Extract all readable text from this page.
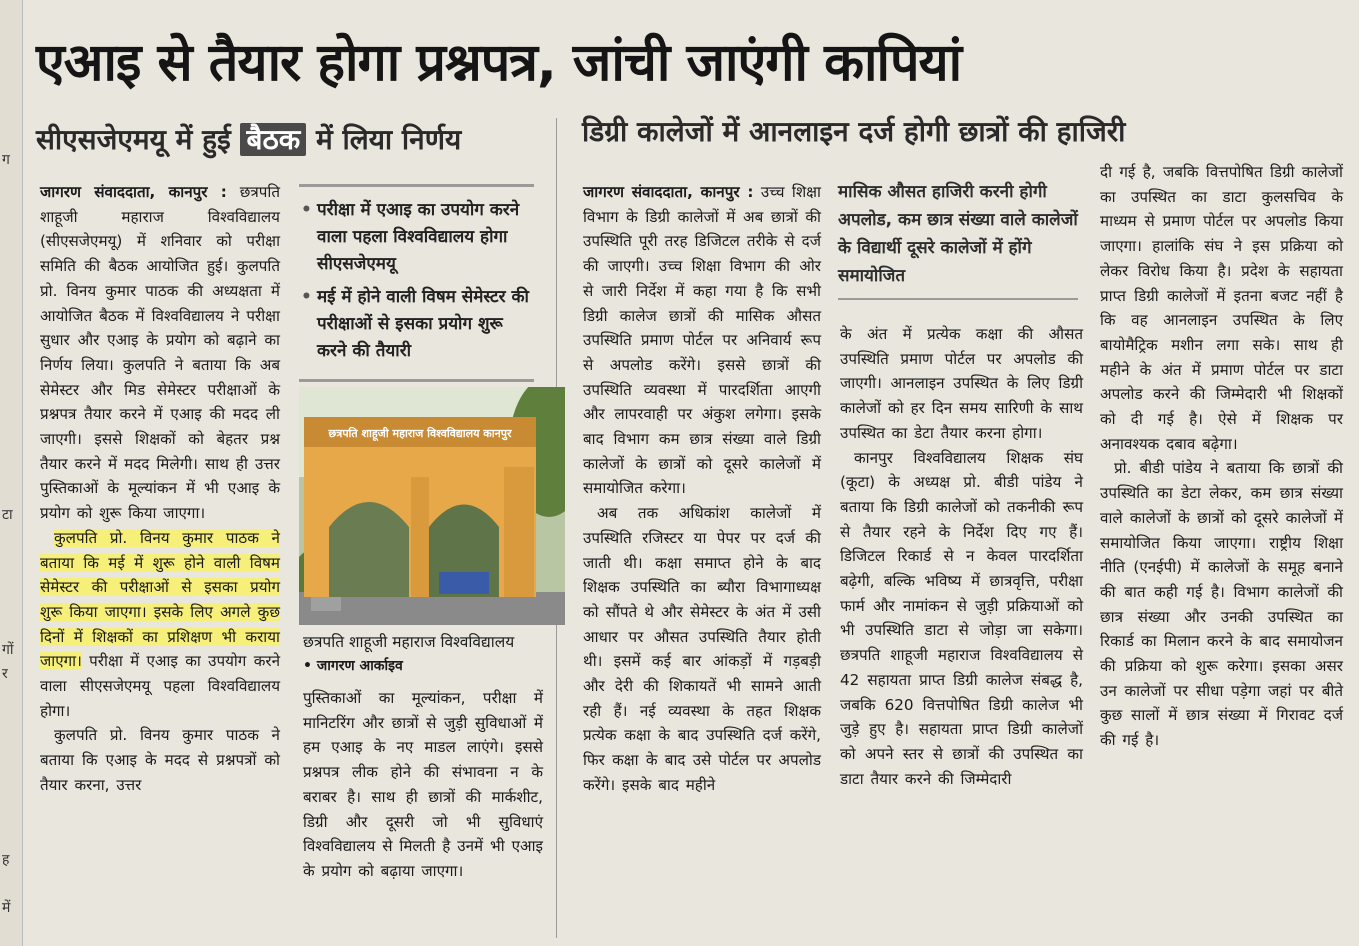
ग
टा
गों
र
ह
में
एआइ से तैयार होगा प्रश्नपत्र, जांची जाएंगी कापियां
सीएसजेएमयू में हुई बैठक में लिया निर्णय	डिग्री कालेजों में आनलाइन दर्ज होगी छात्रों की हाजिरी

जागरण संवाददाता, कानपुर : छत्रपति शाहूजी महाराज विश्वविद्यालय (सीएसजेएमयू) में शनिवार को परीक्षा समिति की बैठक आयोजित हुई। कुलपति प्रो. विनय कुमार पाठक की अध्यक्षता में आयोजित बैठक में विश्वविद्यालय ने परीक्षा सुधार और एआइ के प्रयोग को बढ़ाने का निर्णय लिया। कुलपति ने बताया कि अब सेमेस्टर और मिड सेमेस्टर परीक्षाओं के प्रश्नपत्र तैयार करने में एआइ की मदद ली जाएगी। इससे शिक्षकों को बेहतर प्रश्न तैयार करने में मदद मिलेगी। साथ ही उत्तर पुस्तिकाओं के मूल्यांकन में भी एआइ के प्रयोग को शुरू किया जाएगा।

कुलपति प्रो. विनय कुमार पाठक ने बताया कि मई में शुरू होने वाली विषम सेमेस्टर की परीक्षाओं से इसका प्रयोग शुरू किया जाएगा। इसके लिए अगले कुछ दिनों में शिक्षकों का प्रशिक्षण भी कराया जाएगा। परीक्षा में एआइ का उपयोग करने वाला सीएसजेएमयू पहला विश्वविद्यालय होगा।

कुलपति प्रो. विनय कुमार पाठक ने बताया कि एआइ के मदद से प्रश्नपत्रों को तैयार करना, उत्तर

• परीक्षा में एआइ का उपयोग करने वाला पहला विश्वविद्यालय होगा सीएसजेएमयू
• मई में होने वाली विषम सेमेस्टर की परीक्षाओं से इसका प्रयोग शुरू करने की तैयारी
छत्रपति शाहूजी महाराज विश्वविद्यालय कानपुर
छत्रपति शाहूजी महाराज विश्वविद्यालय
• जागरण आर्काइव

पुस्तिकाओं का मूल्यांकन, परीक्षा में मानिटरिंग और छात्रों से जुड़ी सुविधाओं में हम एआइ के नए माडल लाएंगे। इससे प्रश्नपत्र लीक होने की संभावना न के बराबर है। साथ ही छात्रों की मार्कशीट, डिग्री और दूसरी जो भी सुविधाएं विश्वविद्यालय से मिलती है उनमें भी एआइ के प्रयोग को बढ़ाया जाएगा।

जागरण संवाददाता, कानपुर : उच्च शिक्षा विभाग के डिग्री कालेजों में अब छात्रों की उपस्थिति पूरी तरह डिजिटल तरीके से दर्ज की जाएगी। उच्च शिक्षा विभाग की ओर से जारी निर्देश में कहा गया है कि सभी डिग्री कालेज छात्रों की मासिक औसत उपस्थिति प्रमाण पोर्टल पर अनिवार्य रूप से अपलोड करेंगे। इससे छात्रों की उपस्थिति व्यवस्था में पारदर्शिता आएगी और लापरवाही पर अंकुश लगेगा। इसके बाद विभाग कम छात्र संख्या वाले डिग्री कालेजों के छात्रों को दूसरे कालेजों में समायोजित करेगा।

अब तक अधिकांश कालेजों में उपस्थिति रजिस्टर या पेपर पर दर्ज की जाती थी। कक्षा समाप्त होने के बाद शिक्षक उपस्थिति का ब्यौरा विभागाध्यक्ष को सौंपते थे और सेमेस्टर के अंत में उसी आधार पर औसत उपस्थिति तैयार होती थी। इसमें कई बार आंकड़ों में गड़बड़ी और देरी की शिकायतें भी सामने आती रही हैं। नई व्यवस्था के तहत शिक्षक प्रत्येक कक्षा के बाद उपस्थिति दर्ज करेंगे, फिर कक्षा के बाद उसे पोर्टल पर अपलोड करेंगे। इसके बाद महीने

मासिक औसत हाजिरी करनी होगी अपलोड, कम छात्र संख्या वाले कालेजों के विद्यार्थी दूसरे कालेजों में होंगे समायोजित

के अंत में प्रत्येक कक्षा की औसत उपस्थिति प्रमाण पोर्टल पर अपलोड की जाएगी। आनलाइन उपस्थित के लिए डिग्री कालेजों को हर दिन समय सारिणी के साथ उपस्थित का डेटा तैयार करना होगा।

कानपुर विश्वविद्यालय शिक्षक संघ (कूटा) के अध्यक्ष प्रो. बीडी पांडेय ने बताया कि डिग्री कालेजों को तकनीकी रूप से तैयार रहने के निर्देश दिए गए हैं। डिजिटल रिकार्ड से न केवल पारदर्शिता बढ़ेगी, बल्कि भविष्य में छात्रवृत्ति, परीक्षा फार्म और नामांकन से जुड़ी प्रक्रियाओं को भी उपस्थिति डाटा से जोड़ा जा सकेगा। छत्रपति शाहूजी महाराज विश्वविद्यालय से 42 सहायता प्राप्त डिग्री कालेज संबद्ध है, जबकि 620 वित्तपोषित डिग्री कालेज भी जुड़े हुए है। सहायता प्राप्त डिग्री कालेजों को अपने स्तर से छात्रों की उपस्थित का डाटा तैयार करने की जिम्मेदारी

दी गई है, जबकि वित्तपोषित डिग्री कालेजों का उपस्थित का डाटा कुलसचिव के माध्यम से प्रमाण पोर्टल पर अपलोड किया जाएगा। हालांकि संघ ने इस प्रक्रिया को लेकर विरोध किया है। प्रदेश के सहायता प्राप्त डिग्री कालेजों में इतना बजट नहीं है कि वह आनलाइन उपस्थित के लिए बायोमैट्रिक मशीन लगा सके। साथ ही महीने के अंत में प्रमाण पोर्टल पर डाटा अपलोड करने की जिम्मेदारी भी शिक्षकों को दी गई है। ऐसे में शिक्षक पर अनावश्यक दबाव बढ़ेगा।

प्रो. बीडी पांडेय ने बताया कि छात्रों की उपस्थिति का डेटा लेकर, कम छात्र संख्या वाले कालेजों के छात्रों को दूसरे कालेजों में समायोजित किया जाएगा। राष्ट्रीय शिक्षा नीति (एनईपी) में कालेजों के समूह बनाने की बात कही गई है। विभाग कालेजों की छात्र संख्या और उनकी उपस्थित का रिकार्ड का मिलान करने के बाद समायोजन की प्रक्रिया को शुरू करेगा। इसका असर उन कालेजों पर सीधा पड़ेगा जहां पर बीते कुछ सालों में छात्र संख्या में गिरावट दर्ज की गई है।
